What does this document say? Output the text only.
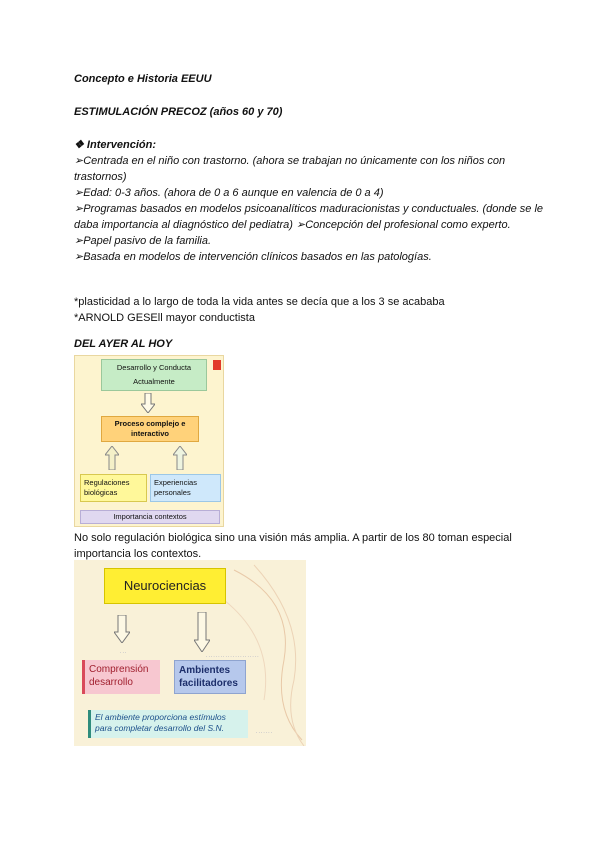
Concepto e Historia EEUU
ESTIMULACIÓN PRECOZ (años 60 y 70)
❖ Intervención:
➢Centrada en el niño con trastorno. (ahora se trabajan no únicamente con los niños con trastornos)
➢Edad: 0-3 años. (ahora de 0 a 6 aunque en valencia de 0 a 4)
➢Programas basados en modelos psicoanalíticos maduracionistas y conductuales. (donde se le daba importancia al diagnóstico del pediatra) ➢Concepción del profesional como experto.
➢Papel pasivo de la familia.
➢Basada en modelos de intervención clínicos basados en las patologías.
*plasticidad a lo largo de toda la vida antes se decía que a los 3 se acababa
*ARNOLD GESEll mayor conductista
DEL AYER AL HOY
Desarrollo y Conducta
Actualmente
Proceso complejo e interactivo
Regulaciones biológicas
Experiencias personales
Importancia contextos
No solo regulación biológica sino una visión más amplia. A partir de los 80 toman especial importancia los contextos.
Neurociencias
· · ·
· · · · · · · · · · · · · · · · · · · · · ·
Comprensión desarrollo
Ambientes facilitadores
El ambiente proporciona estímulos para completar desarrollo del S.N.	· · · · · · ·
